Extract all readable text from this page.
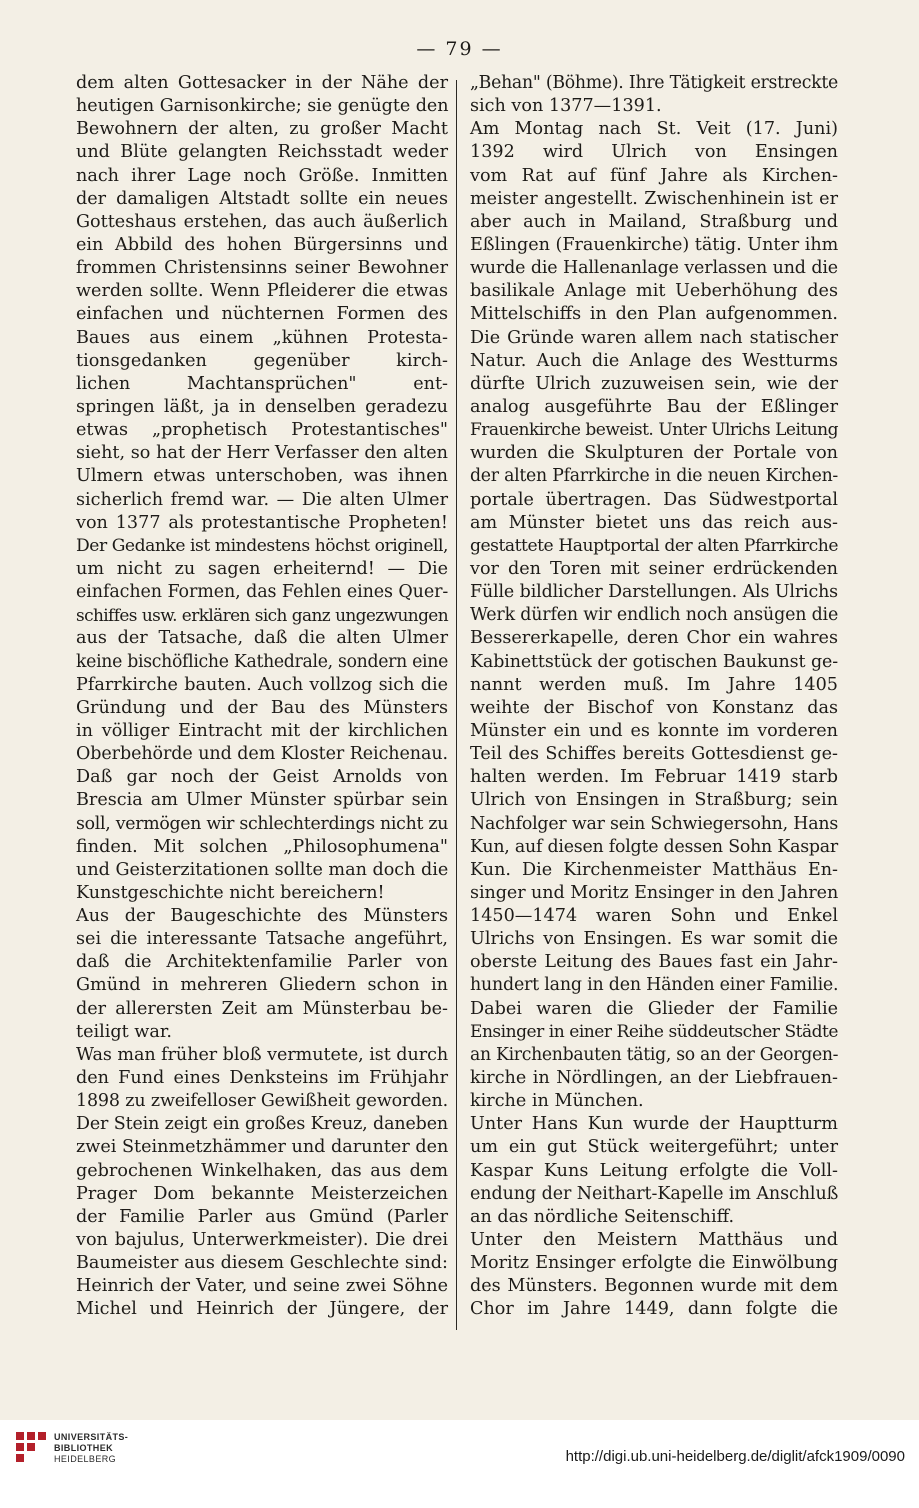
— 79 —
dem alten Gottesacker in der Nähe der
heutigen Garnisonkirche; sie genügte den
Bewohnern der alten, zu großer Macht
und Blüte gelangten Reichsstadt weder
nach ihrer Lage noch Größe. Inmitten
der damaligen Altstadt sollte ein neues
Gotteshaus erstehen, das auch äußerlich
ein Abbild des hohen Bürgersinns und
frommen Christensinns seiner Bewohner
werden sollte. Wenn Pfleiderer die etwas
einfachen und nüchternen Formen des
Baues aus einem „kühnen Protesta-
tionsgedanken gegenüber kirch-
lichen Machtansprüchen" ent-
springen läßt, ja in denselben geradezu
etwas „prophetisch Protestantisches"
sieht, so hat der Herr Verfasser den alten
Ulmern etwas unterschoben, was ihnen
sicherlich fremd war. — Die alten Ulmer
von 1377 als protestantische Propheten!
Der Gedanke ist mindestens höchst originell,
um nicht zu sagen erheiternd! — Die
einfachen Formen, das Fehlen eines Quer-
schiffes usw. erklären sich ganz ungezwungen
aus der Tatsache, daß die alten Ulmer
keine bischöfliche Kathedrale, sondern eine
Pfarrkirche bauten. Auch vollzog sich die
Gründung und der Bau des Münsters
in völliger Eintracht mit der kirchlichen
Oberbehörde und dem Kloster Reichenau.
Daß gar noch der Geist Arnolds von
Brescia am Ulmer Münster spürbar sein
soll, vermögen wir schlechterdings nicht zu
finden. Mit solchen „Philosophumena"
und Geisterzitationen sollte man doch die
Kunstgeschichte nicht bereichern!
Aus der Baugeschichte des Münsters
sei die interessante Tatsache angeführt,
daß die Architektenfamilie Parler von
Gmünd in mehreren Gliedern schon in
der allerersten Zeit am Münsterbau be-
teiligt war.
Was man früher bloß vermutete, ist durch
den Fund eines Denksteins im Frühjahr
1898 zu zweifelloser Gewißheit geworden.
Der Stein zeigt ein großes Kreuz, daneben
zwei Steinmetzhämmer und darunter den
gebrochenen Winkelhaken, das aus dem
Prager Dom bekannte Meisterzeichen
der Familie Parler aus Gmünd (Parler
von bajulus, Unterwerkmeister). Die drei
Baumeister aus diesem Geschlechte sind:
Heinrich der Vater, und seine zwei Söhne
Michel und Heinrich der Jüngere, der
„Behan" (Böhme). Ihre Tätigkeit erstreckte
sich von 1377—1391.
Am Montag nach St. Veit (17. Juni)
1392 wird Ulrich von Ensingen
vom Rat auf fünf Jahre als Kirchen-
meister angestellt. Zwischenhinein ist er
aber auch in Mailand, Straßburg und
Eßlingen (Frauenkirche) tätig. Unter ihm
wurde die Hallenanlage verlassen und die
basilikale Anlage mit Ueberhöhung des
Mittelschiffs in den Plan aufgenommen.
Die Gründe waren allem nach statischer
Natur. Auch die Anlage des Westturms
dürfte Ulrich zuzuweisen sein, wie der
analog ausgeführte Bau der Eßlinger
Frauenkirche beweist. Unter Ulrichs Leitung
wurden die Skulpturen der Portale von
der alten Pfarrkirche in die neuen Kirchen-
portale übertragen. Das Südwestportal
am Münster bietet uns das reich aus-
gestattete Hauptportal der alten Pfarrkirche
vor den Toren mit seiner erdrückenden
Fülle bildlicher Darstellungen. Als Ulrichs
Werk dürfen wir endlich noch ansügen die
Bessererkapelle, deren Chor ein wahres
Kabinettstück der gotischen Baukunst ge-
nannt werden muß. Im Jahre 1405
weihte der Bischof von Konstanz das
Münster ein und es konnte im vorderen
Teil des Schiffes bereits Gottesdienst ge-
halten werden. Im Februar 1419 starb
Ulrich von Ensingen in Straßburg; sein
Nachfolger war sein Schwiegersohn, Hans
Kun, auf diesen folgte dessen Sohn Kaspar
Kun. Die Kirchenmeister Matthäus En-
singer und Moritz Ensinger in den Jahren
1450—1474 waren Sohn und Enkel
Ulrichs von Ensingen. Es war somit die
oberste Leitung des Baues fast ein Jahr-
hundert lang in den Händen einer Familie.
Dabei waren die Glieder der Familie
Ensinger in einer Reihe süddeutscher Städte
an Kirchenbauten tätig, so an der Georgen-
kirche in Nördlingen, an der Liebfrauen-
kirche in München.
Unter Hans Kun wurde der Hauptturm
um ein gut Stück weitergeführt; unter
Kaspar Kuns Leitung erfolgte die Voll-
endung der Neithart-Kapelle im Anschluß
an das nördliche Seitenschiff.
Unter den Meistern Matthäus und
Moritz Ensinger erfolgte die Einwölbung
des Münsters. Begonnen wurde mit dem
Chor im Jahre 1449, dann folgte die
UNIVERSITÄTS-
BIBLIOTHEK
HEIDELBERG	http://digi.ub.uni-heidelberg.de/diglit/afck1909/0090
